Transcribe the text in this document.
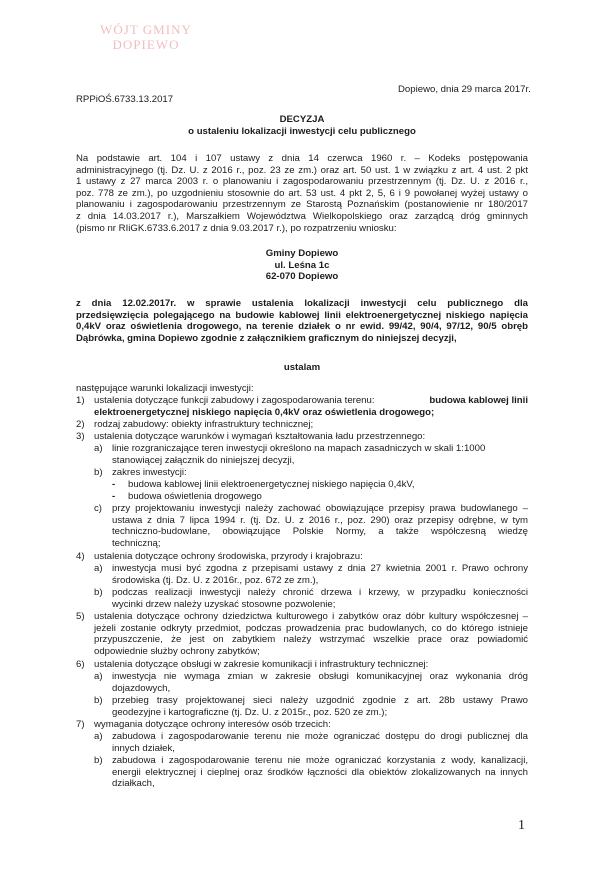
WÓJT GMINY
DOPIEWO
Dopiewo, dnia 29 marca 2017r.
RPPiOŚ.6733.13.2017
DECYZJA
o ustaleniu lokalizacji inwestycji celu publicznego
Na podstawie art. 104 i 107 ustawy z dnia 14 czerwca 1960 r. – Kodeks postępowania
administracyjnego (tj. Dz. U. z 2016 r., poz. 23 ze zm.) oraz art. 50 ust. 1 w związku z art. 4 ust. 2 pkt
1 ustawy z 27 marca 2003 r. o planowaniu i zagospodarowaniu przestrzennym (tj. Dz. U. z 2016 r.,
poz. 778 ze zm.), po uzgodnieniu stosownie do art. 53 ust. 4 pkt 2, 5, 6 i 9 powołanej wyżej ustawy o
planowaniu i zagospodarowaniu przestrzennym ze Starostą Poznańskim (postanowienie nr 180/2017
z dnia 14.03.2017 r.), Marszałkiem Województwa Wielkopolskiego oraz zarządcą dróg gminnych
(pismo nr RIiGK.6733.6.2017 z dnia 9.03.2017 r.), po rozpatrzeniu wniosku:
Gminy Dopiewo
ul. Leśna 1c
62-070 Dopiewo
z dnia 12.02.2017r. w sprawie ustalenia lokalizacji inwestycji celu publicznego dla
przedsięwzięcia polegającego na budowie kablowej linii elektroenergetycznej niskiego napięcia
0,4kV oraz oświetlenia drogowego, na terenie działek o nr ewid. 99/42, 90/4, 97/12, 90/5 obręb
Dąbrówka, gmina Dopiewo zgodnie z załącznikiem graficznym do niniejszej decyzji,
ustalam
następujące warunki lokalizacji inwestycji:
1) ustalenia dotyczące funkcji zabudowy i zagospodarowania terenu:	budowa kablowej linii
elektroenergetycznej niskiego napięcia 0,4kV oraz oświetlenia drogowego;
2) rodzaj zabudowy: obiekty infrastruktury technicznej;
3) ustalenia dotyczące warunków i wymagań kształtowania ładu przestrzennego:
a) linie rozgraniczające teren inwestycji określono na mapach zasadniczych w skali 1:1000
stanowiącej załącznik do niniejszej decyzji,
b) zakres inwestycji:
- budowa kablowej linii elektroenergetycznej niskiego napięcia 0,4kV,
- budowa oświetlenia drogowego
c) przy projektowaniu inwestycji należy zachować obowiązujące przepisy prawa budowlanego –
ustawa z dnia 7 lipca 1994 r. (tj. Dz. U. z 2016 r., poz. 290) oraz przepisy odrębne, w tym
techniczno-budowlane, obowiązujące Polskie Normy, a także współczesną wiedzę
techniczną;
4) ustalenia dotyczące ochrony środowiska, przyrody i krajobrazu:
a) inwestycja musi być zgodna z przepisami ustawy z dnia 27 kwietnia 2001 r. Prawo ochrony
środowiska (tj. Dz. U. z 2016r., poz. 672 ze zm.),
b) podczas realizacji inwestycji należy chronić drzewa i krzewy, w przypadku konieczności
wycinki drzew należy uzyskać stosowne pozwolenie;
5) ustalenia dotyczące ochrony dziedzictwa kulturowego i zabytków oraz dóbr kultury współczesnej –
jeżeli zostanie odkryty przedmiot, podczas prowadzenia prac budowlanych, co do którego istnieje
przypuszczenie, że jest on zabytkiem należy wstrzymać wszelkie prace oraz powiadomić
odpowiednie służby ochrony zabytków;
6) ustalenia dotyczące obsługi w zakresie komunikacji i infrastruktury technicznej:
a) inwestycja nie wymaga zmian w zakresie obsługi komunikacyjnej oraz wykonania dróg
dojazdowych,
b) przebieg trasy projektowanej sieci należy uzgodnić zgodnie z art. 28b ustawy Prawo
geodezyjne i kartograficzne (tj. Dz. U. z 2015r., poz. 520 ze zm.);
7) wymagania dotyczące ochrony interesów osób trzecich:
a) zabudowa i zagospodarowanie terenu nie może ograniczać dostępu do drogi publicznej dla
innych działek,
b) zabudowa i zagospodarowanie terenu nie może ograniczać korzystania z wody, kanalizacji,
energii elektrycznej i cieplnej oraz środków łączności dla obiektów zlokalizowanych na innych
działkach,
1
